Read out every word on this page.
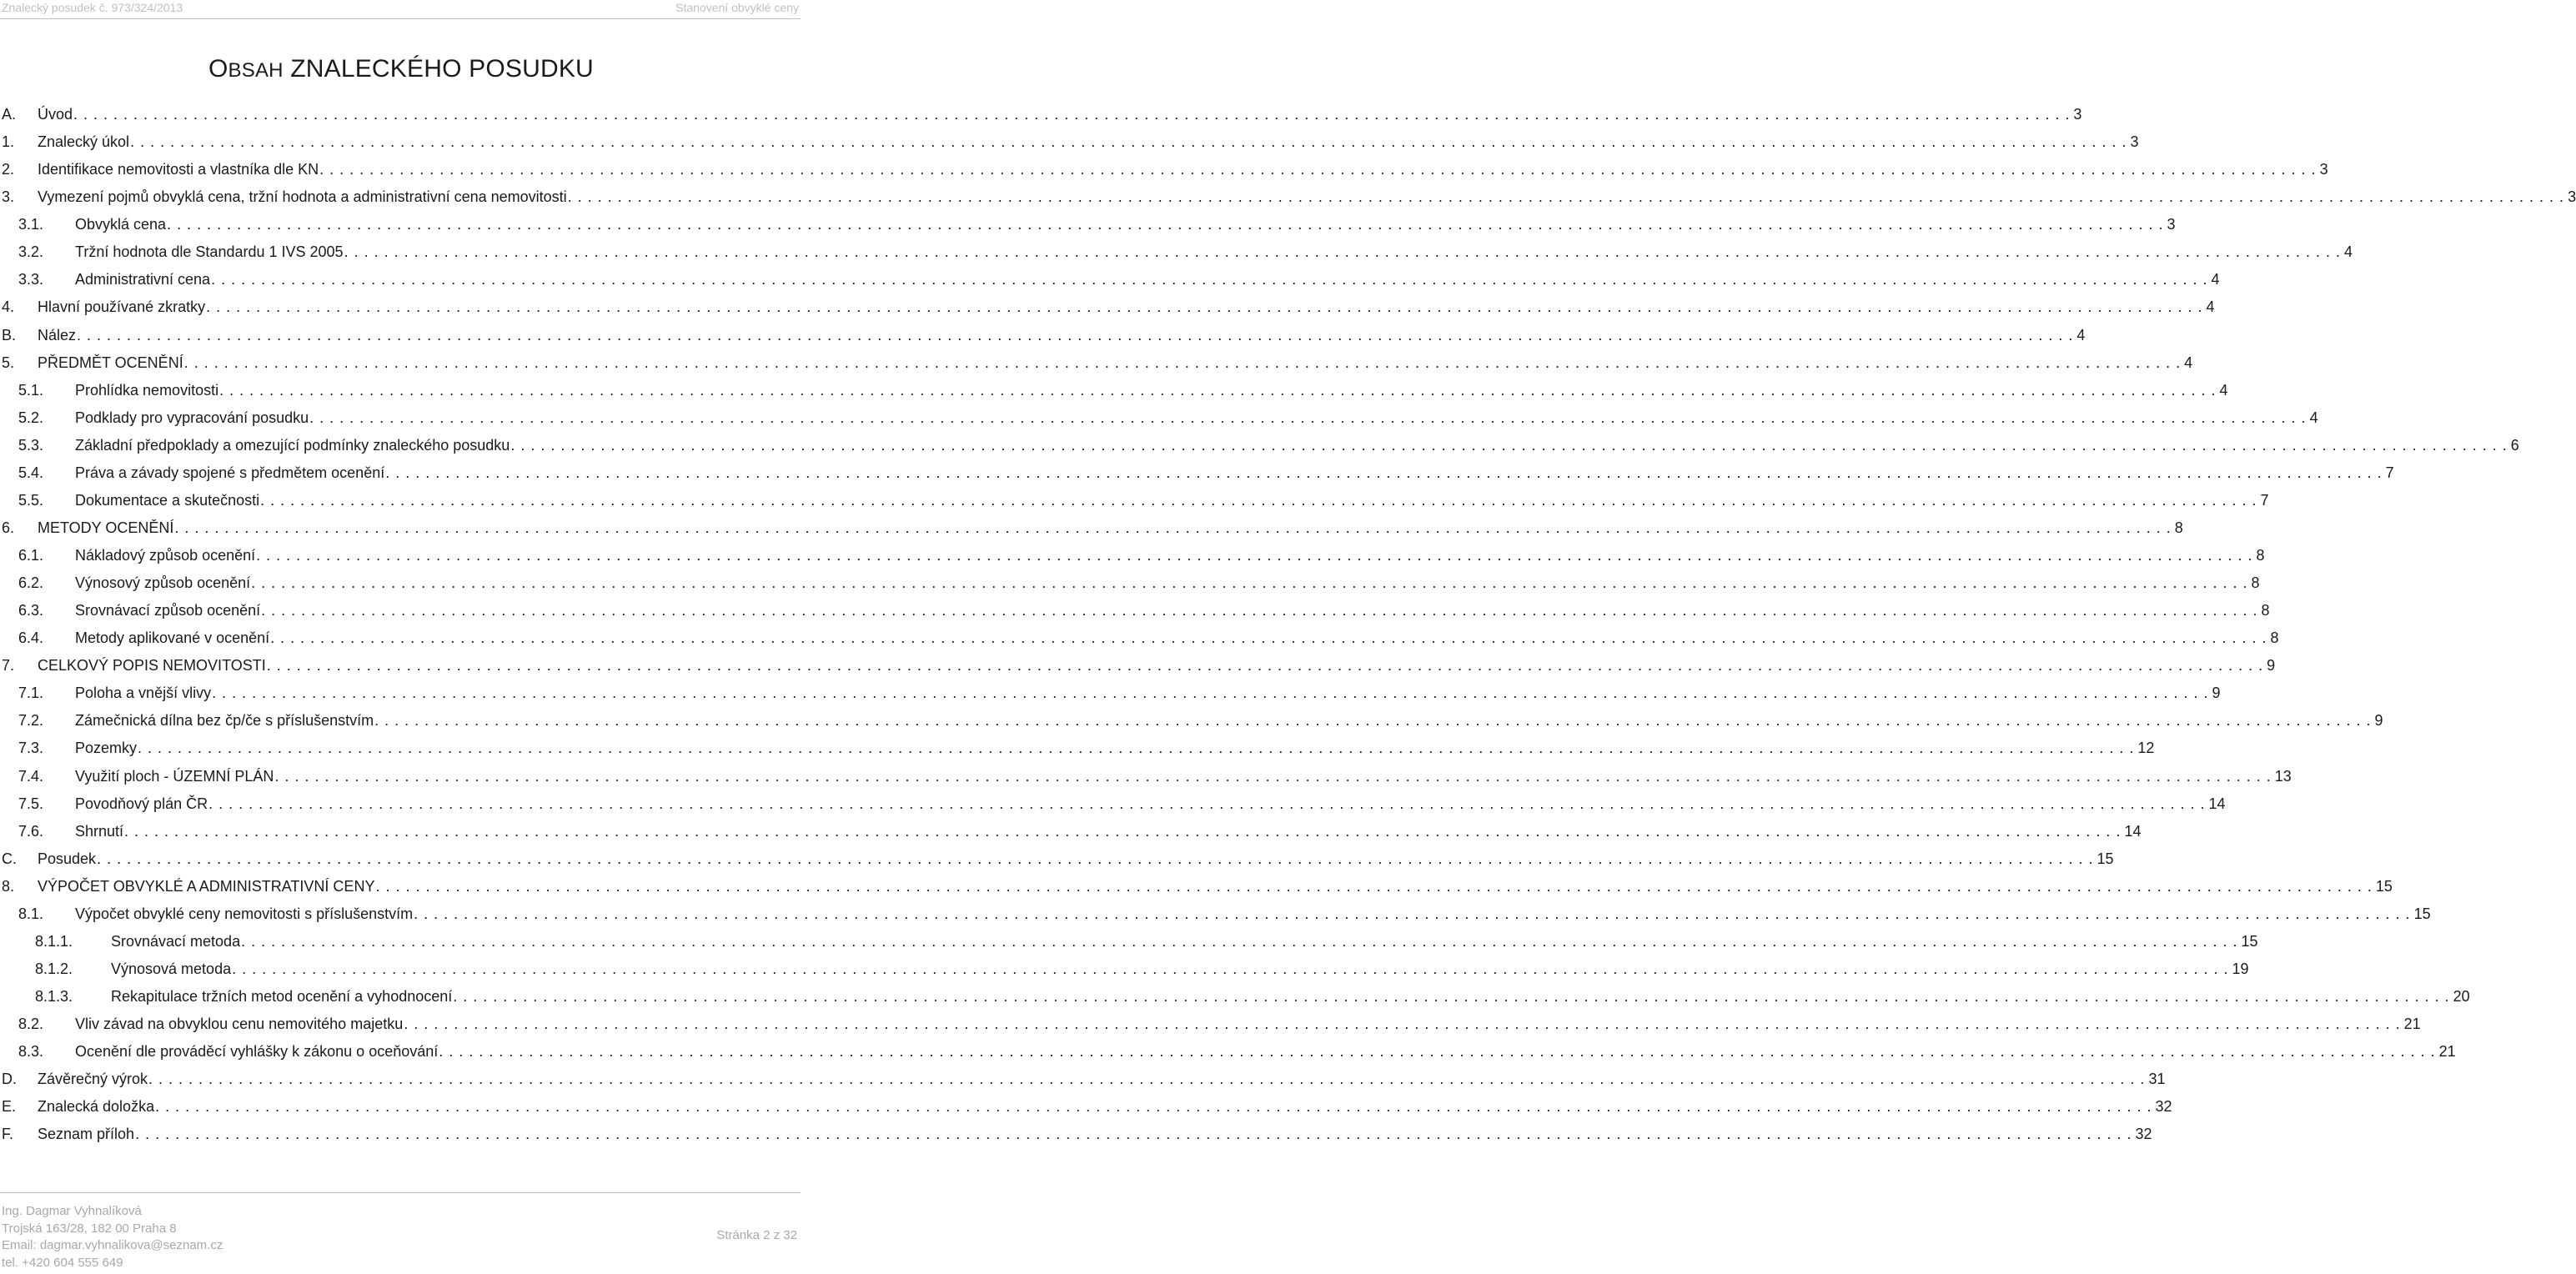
Znalecký posudek č. 973/324/2013	Stanovení obvyklé ceny
OBSAH ZNALECKÉHO POSUDKU
A. Úvod . . . . . . . . . . . . . . . . . . . . . . . . . . . . . . . . . . . . . . . . . . . . . . . . . . . . . . . . . . . . . . . . . . . . . . . . . . . . . . . . . . . . . . . . . . . . . . . . . . . . . . . . . . . . . . . . . . . . . . . . . . . . . . . . . . . . . . . . . . . . . . . . . . . . . . . . . . . . . . . . . . . . . . . . . . . . . . . . . . . . . . . . . . . . . . . . . . . . . . . . 3
1. Znalecký úkol . . . . . . . . . . . . . . . . . . . . . . . . . . . . . . . . . . . . . . . . . . . . . . . . . . . . . . . . . . . . . . . . . . . . . . . . . . . . . . . . . . . . . . . . . . . . . . . . . . . . . . . . . . . . . . . . . . . . . . . . . . . . . . . . . . . . . . . . . . . . . . . . . . . . . . . . . . . . . . . . . . . . . . . . . . . . . . . . . . . . . . . . . . . . . . . . . . . . . . . . 3
2. Identifikace nemovitosti a vlastníka dle KN . . . . . . . . . . . . . . . . . . . . . . . . . . . . . . . . . . . . . . . . . . . . . . . . . . . . . . . . . . . . . . . . . . . . . . . . . . . . . . . . . . . . . . . . . . . . . . . . . . . . . . . . . . . . . . . . . . . . . . . . . . . . . . . . . . . . . . . . . . . . . . . . . . . . . . . . . . . . . . . . . . . . . . . . . . . . . . . . . . . . . . . . . . . . . . . . . . . . . . . . 3
3. Vymezení pojmů obvyklá cena, tržní hodnota a administrativní cena nemovitosti . . . . . . . . . . . . . . . . . . . . . . . . . . . . . . . . . . . . . . . . . . . . . . . . . . . . . . . . . . . . . . . . . . . . . . . . . . . . . . . . . . . . . . . . . . . . . . . . . . . . . . . . . . . . . . . . . . . . . . . . . . . . . . . . . . . . . . . . . . . . . . . . . . . . . . . . . . . . . . . . . . . . . . . . . . . . . . . . . . . . . . . . . . . . . . . . . . . . . . . . 3
3.1. Obvyklá cena . . . . . . . . . . . . . . . . . . . . . . . . . . . . . . . . . . . . . . . . . . . . . . . . . . . . . . . . . . . . . . . . . . . . . . . . . . . . . . . . . . . . . . . . . . . . . . . . . . . . . . . . . . . . . . . . . . . . . . . . . . . . . . . . . . . . . . . . . . . . . . . . . . . . . . . . . . . . . . . . . . . . . . . . . . . . . . . . . . . . . . . . . . . . . . . . . . . . . . . . 3
3.2. Tržní hodnota dle Standardu 1 IVS 2005 . . . . . . . . . . . . . . . . . . . . . . . . . . . . . . . . . . . . . . . . . . . . . . . . . . . . . . . . . . . . . . . . . . . . . . . . . . . . . . . . . . . . . . . . . . . . . . . . . . . . . . . . . . . . . . . . . . . . . . . . . . . . . . . . . . . . . . . . . . . . . . . . . . . . . . . . . . . . . . . . . . . . . . . . . . . . . . . . . . . . . . . . . . . . . . . . . . . . . . . . 4
3.3. Administrativní cena . . . . . . . . . . . . . . . . . . . . . . . . . . . . . . . . . . . . . . . . . . . . . . . . . . . . . . . . . . . . . . . . . . . . . . . . . . . . . . . . . . . . . . . . . . . . . . . . . . . . . . . . . . . . . . . . . . . . . . . . . . . . . . . . . . . . . . . . . . . . . . . . . . . . . . . . . . . . . . . . . . . . . . . . . . . . . . . . . . . . . . . . . . . . . . . . . . . . . . . . 4
4. Hlavní používané zkratky . . . . . . . . . . . . . . . . . . . . . . . . . . . . . . . . . . . . . . . . . . . . . . . . . . . . . . . . . . . . . . . . . . . . . . . . . . . . . . . . . . . . . . . . . . . . . . . . . . . . . . . . . . . . . . . . . . . . . . . . . . . . . . . . . . . . . . . . . . . . . . . . . . . . . . . . . . . . . . . . . . . . . . . . . . . . . . . . . . . . . . . . . . . . . . . . . . . . . . . . 4
B. Nález . . . . . . . . . . . . . . . . . . . . . . . . . . . . . . . . . . . . . . . . . . . . . . . . . . . . . . . . . . . . . . . . . . . . . . . . . . . . . . . . . . . . . . . . . . . . . . . . . . . . . . . . . . . . . . . . . . . . . . . . . . . . . . . . . . . . . . . . . . . . . . . . . . . . . . . . . . . . . . . . . . . . . . . . . . . . . . . . . . . . . . . . . . . . . . . . . . . . . . . . 4
5. PŘEDMĚT OCENĚNÍ . . . . . . . . . . . . . . . . . . . . . . . . . . . . . . . . . . . . . . . . . . . . . . . . . . . . . . . . . . . . . . . . . . . . . . . . . . . . . . . . . . . . . . . . . . . . . . . . . . . . . . . . . . . . . . . . . . . . . . . . . . . . . . . . . . . . . . . . . . . . . . . . . . . . . . . . . . . . . . . . . . . . . . . . . . . . . . . . . . . . . . . . . . . . . . . . . . . . . . . . 4
5.1. Prohlídka nemovitosti . . . . . . . . . . . . . . . . . . . . . . . . . . . . . . . . . . . . . . . . . . . . . . . . . . . . . . . . . . . . . . . . . . . . . . . . . . . . . . . . . . . . . . . . . . . . . . . . . . . . . . . . . . . . . . . . . . . . . . . . . . . . . . . . . . . . . . . . . . . . . . . . . . . . . . . . . . . . . . . . . . . . . . . . . . . . . . . . . . . . . . . . . . . . . . . . . . . . . . . . 4
5.2. Podklady pro vypracování posudku . . . . . . . . . . . . . . . . . . . . . . . . . . . . . . . . . . . . . . . . . . . . . . . . . . . . . . . . . . . . . . . . . . . . . . . . . . . . . . . . . . . . . . . . . . . . . . . . . . . . . . . . . . . . . . . . . . . . . . . . . . . . . . . . . . . . . . . . . . . . . . . . . . . . . . . . . . . . . . . . . . . . . . . . . . . . . . . . . . . . . . . . . . . . . . . . . . . . . . . . 4
5.3. Základní předpoklady a omezující podmínky znaleckého posudku . . . . . . . . . . . . . . . . . . . . . . . . . . . . . . . . . . . . . . . . . . . . . . . . . . . . . . . . . . . . . . . . . . . . . . . . . . . . . . . . . . . . . . . . . . . . . . . . . . . . . . . . . . . . . . . . . . . . . . . . . . . . . . . . . . . . . . . . . . . . . . . . . . . . . . . . . . . . . . . . . . . . . . . . . . . . . . . . . . . . . . . . . . . . . . . . . . . . . . . . 6
5.4. Práva a závady spojené s předmětem ocenění . . . . . . . . . . . . . . . . . . . . . . . . . . . . . . . . . . . . . . . . . . . . . . . . . . . . . . . . . . . . . . . . . . . . . . . . . . . . . . . . . . . . . . . . . . . . . . . . . . . . . . . . . . . . . . . . . . . . . . . . . . . . . . . . . . . . . . . . . . . . . . . . . . . . . . . . . . . . . . . . . . . . . . . . . . . . . . . . . . . . . . . . . . . . . . . . . . . . . . . . 7
5.5. Dokumentace a skutečnosti . . . . . . . . . . . . . . . . . . . . . . . . . . . . . . . . . . . . . . . . . . . . . . . . . . . . . . . . . . . . . . . . . . . . . . . . . . . . . . . . . . . . . . . . . . . . . . . . . . . . . . . . . . . . . . . . . . . . . . . . . . . . . . . . . . . . . . . . . . . . . . . . . . . . . . . . . . . . . . . . . . . . . . . . . . . . . . . . . . . . . . . . . . . . . . . . . . . . . . . . 7
6. METODY OCENĚNÍ . . . . . . . . . . . . . . . . . . . . . . . . . . . . . . . . . . . . . . . . . . . . . . . . . . . . . . . . . . . . . . . . . . . . . . . . . . . . . . . . . . . . . . . . . . . . . . . . . . . . . . . . . . . . . . . . . . . . . . . . . . . . . . . . . . . . . . . . . . . . . . . . . . . . . . . . . . . . . . . . . . . . . . . . . . . . . . . . . . . . . . . . . . . . . . . . . . . . . . . . 8
6.1. Nákladový způsob ocenění . . . . . . . . . . . . . . . . . . . . . . . . . . . . . . . . . . . . . . . . . . . . . . . . . . . . . . . . . . . . . . . . . . . . . . . . . . . . . . . . . . . . . . . . . . . . . . . . . . . . . . . . . . . . . . . . . . . . . . . . . . . . . . . . . . . . . . . . . . . . . . . . . . . . . . . . . . . . . . . . . . . . . . . . . . . . . . . . . . . . . . . . . . . . . . . . . . . . . . . . 8
6.2. Výnosový způsob ocenění . . . . . . . . . . . . . . . . . . . . . . . . . . . . . . . . . . . . . . . . . . . . . . . . . . . . . . . . . . . . . . . . . . . . . . . . . . . . . . . . . . . . . . . . . . . . . . . . . . . . . . . . . . . . . . . . . . . . . . . . . . . . . . . . . . . . . . . . . . . . . . . . . . . . . . . . . . . . . . . . . . . . . . . . . . . . . . . . . . . . . . . . . . . . . . . . . . . . . . . . 8
6.3. Srovnávací způsob ocenění . . . . . . . . . . . . . . . . . . . . . . . . . . . . . . . . . . . . . . . . . . . . . . . . . . . . . . . . . . . . . . . . . . . . . . . . . . . . . . . . . . . . . . . . . . . . . . . . . . . . . . . . . . . . . . . . . . . . . . . . . . . . . . . . . . . . . . . . . . . . . . . . . . . . . . . . . . . . . . . . . . . . . . . . . . . . . . . . . . . . . . . . . . . . . . . . . . . . . . . . 8
6.4. Metody aplikované v ocenění . . . . . . . . . . . . . . . . . . . . . . . . . . . . . . . . . . . . . . . . . . . . . . . . . . . . . . . . . . . . . . . . . . . . . . . . . . . . . . . . . . . . . . . . . . . . . . . . . . . . . . . . . . . . . . . . . . . . . . . . . . . . . . . . . . . . . . . . . . . . . . . . . . . . . . . . . . . . . . . . . . . . . . . . . . . . . . . . . . . . . . . . . . . . . . . . . . . . . . . . 8
7. CELKOVÝ POPIS NEMOVITOSTI . . . . . . . . . . . . . . . . . . . . . . . . . . . . . . . . . . . . . . . . . . . . . . . . . . . . . . . . . . . . . . . . . . . . . . . . . . . . . . . . . . . . . . . . . . . . . . . . . . . . . . . . . . . . . . . . . . . . . . . . . . . . . . . . . . . . . . . . . . . . . . . . . . . . . . . . . . . . . . . . . . . . . . . . . . . . . . . . . . . . . . . . . . . . . . . . . . . . . . . . 9
7.1. Poloha a vnější vlivy . . . . . . . . . . . . . . . . . . . . . . . . . . . . . . . . . . . . . . . . . . . . . . . . . . . . . . . . . . . . . . . . . . . . . . . . . . . . . . . . . . . . . . . . . . . . . . . . . . . . . . . . . . . . . . . . . . . . . . . . . . . . . . . . . . . . . . . . . . . . . . . . . . . . . . . . . . . . . . . . . . . . . . . . . . . . . . . . . . . . . . . . . . . . . . . . . . . . . . . . 9
7.2. Zámečnická dílna bez čp/če s příslušenstvím . . . . . . . . . . . . . . . . . . . . . . . . . . . . . . . . . . . . . . . . . . . . . . . . . . . . . . . . . . . . . . . . . . . . . . . . . . . . . . . . . . . . . . . . . . . . . . . . . . . . . . . . . . . . . . . . . . . . . . . . . . . . . . . . . . . . . . . . . . . . . . . . . . . . . . . . . . . . . . . . . . . . . . . . . . . . . . . . . . . . . . . . . . . . . . . . . . . . . . . . 9
7.3. Pozemky . . . . . . . . . . . . . . . . . . . . . . . . . . . . . . . . . . . . . . . . . . . . . . . . . . . . . . . . . . . . . . . . . . . . . . . . . . . . . . . . . . . . . . . . . . . . . . . . . . . . . . . . . . . . . . . . . . . . . . . . . . . . . . . . . . . . . . . . . . . . . . . . . . . . . . . . . . . . . . . . . . . . . . . . . . . . . . . . . . . . . . . . . . . . . . . . . . . . . . . . 12
7.4. Využití ploch - ÚZEMNÍ PLÁN . . . . . . . . . . . . . . . . . . . . . . . . . . . . . . . . . . . . . . . . . . . . . . . . . . . . . . . . . . . . . . . . . . . . . . . . . . . . . . . . . . . . . . . . . . . . . . . . . . . . . . . . . . . . . . . . . . . . . . . . . . . . . . . . . . . . . . . . . . . . . . . . . . . . . . . . . . . . . . . . . . . . . . . . . . . . . . . . . . . . . . . . . . . . . . . . . . . . . . . . 13
7.5. Povodňový plán ČR . . . . . . . . . . . . . . . . . . . . . . . . . . . . . . . . . . . . . . . . . . . . . . . . . . . . . . . . . . . . . . . . . . . . . . . . . . . . . . . . . . . . . . . . . . . . . . . . . . . . . . . . . . . . . . . . . . . . . . . . . . . . . . . . . . . . . . . . . . . . . . . . . . . . . . . . . . . . . . . . . . . . . . . . . . . . . . . . . . . . . . . . . . . . . . . . . . . . . . . . 14
7.6. Shrnutí . . . . . . . . . . . . . . . . . . . . . . . . . . . . . . . . . . . . . . . . . . . . . . . . . . . . . . . . . . . . . . . . . . . . . . . . . . . . . . . . . . . . . . . . . . . . . . . . . . . . . . . . . . . . . . . . . . . . . . . . . . . . . . . . . . . . . . . . . . . . . . . . . . . . . . . . . . . . . . . . . . . . . . . . . . . . . . . . . . . . . . . . . . . . . . . . . . . . . . . . 14
C. Posudek . . . . . . . . . . . . . . . . . . . . . . . . . . . . . . . . . . . . . . . . . . . . . . . . . . . . . . . . . . . . . . . . . . . . . . . . . . . . . . . . . . . . . . . . . . . . . . . . . . . . . . . . . . . . . . . . . . . . . . . . . . . . . . . . . . . . . . . . . . . . . . . . . . . . . . . . . . . . . . . . . . . . . . . . . . . . . . . . . . . . . . . . . . . . . . . . . . . . . . . . 15
8. VÝPOČET OBVYKLÉ A ADMINISTRATIVNÍ CENY . . . . . . . . . . . . . . . . . . . . . . . . . . . . . . . . . . . . . . . . . . . . . . . . . . . . . . . . . . . . . . . . . . . . . . . . . . . . . . . . . . . . . . . . . . . . . . . . . . . . . . . . . . . . . . . . . . . . . . . . . . . . . . . . . . . . . . . . . . . . . . . . . . . . . . . . . . . . . . . . . . . . . . . . . . . . . . . . . . . . . . . . . . . . . . . . . . . . . . . . 15
8.1. Výpočet obvyklé ceny nemovitosti s příslušenstvím . . . . . . . . . . . . . . . . . . . . . . . . . . . . . . . . . . . . . . . . . . . . . . . . . . . . . . . . . . . . . . . . . . . . . . . . . . . . . . . . . . . . . . . . . . . . . . . . . . . . . . . . . . . . . . . . . . . . . . . . . . . . . . . . . . . . . . . . . . . . . . . . . . . . . . . . . . . . . . . . . . . . . . . . . . . . . . . . . . . . . . . . . . . . . . . . . . . . . . . . 15
8.1.1.	Srovnávací metoda . . . . . . . . . . . . . . . . . . . . . . . . . . . . . . . . . . . . . . . . . . . . . . . . . . . . . . . . . . . . . . . . . . . . . . . . . . . . . . . . . . . . . . . . . . . . . . . . . . . . . . . . . . . . . . . . . . . . . . . . . . . . . . . . . . . . . . . . . . . . . . . . . . . . . . . . . . . . . . . . . . . . . . . . . . . . . . . . . . . . . . . . . . . . . . . . . . . . . . . . 15
8.1.2.	Výnosová metoda . . . . . . . . . . . . . . . . . . . . . . . . . . . . . . . . . . . . . . . . . . . . . . . . . . . . . . . . . . . . . . . . . . . . . . . . . . . . . . . . . . . . . . . . . . . . . . . . . . . . . . . . . . . . . . . . . . . . . . . . . . . . . . . . . . . . . . . . . . . . . . . . . . . . . . . . . . . . . . . . . . . . . . . . . . . . . . . . . . . . . . . . . . . . . . . . . . . . . . . . 19
8.1.3.	Rekapitulace tržních metod ocenění a vyhodnocení . . . . . . . . . . . . . . . . . . . . . . . . . . . . . . . . . . . . . . . . . . . . . . . . . . . . . . . . . . . . . . . . . . . . . . . . . . . . . . . . . . . . . . . . . . . . . . . . . . . . . . . . . . . . . . . . . . . . . . . . . . . . . . . . . . . . . . . . . . . . . . . . . . . . . . . . . . . . . . . . . . . . . . . . . . . . . . . . . . . . . . . . . . . . . . . . . . . . . . . . 20
8.2. Vliv závad na obvyklou cenu nemovitého majetku . . . . . . . . . . . . . . . . . . . . . . . . . . . . . . . . . . . . . . . . . . . . . . . . . . . . . . . . . . . . . . . . . . . . . . . . . . . . . . . . . . . . . . . . . . . . . . . . . . . . . . . . . . . . . . . . . . . . . . . . . . . . . . . . . . . . . . . . . . . . . . . . . . . . . . . . . . . . . . . . . . . . . . . . . . . . . . . . . . . . . . . . . . . . . . . . . . . . . . . . 21
8.3. Ocenění dle prováděcí vyhlášky k zákonu o oceňování . . . . . . . . . . . . . . . . . . . . . . . . . . . . . . . . . . . . . . . . . . . . . . . . . . . . . . . . . . . . . . . . . . . . . . . . . . . . . . . . . . . . . . . . . . . . . . . . . . . . . . . . . . . . . . . . . . . . . . . . . . . . . . . . . . . . . . . . . . . . . . . . . . . . . . . . . . . . . . . . . . . . . . . . . . . . . . . . . . . . . . . . . . . . . . . . . . . . . . . . 21
D. Závěrečný výrok . . . . . . . . . . . . . . . . . . . . . . . . . . . . . . . . . . . . . . . . . . . . . . . . . . . . . . . . . . . . . . . . . . . . . . . . . . . . . . . . . . . . . . . . . . . . . . . . . . . . . . . . . . . . . . . . . . . . . . . . . . . . . . . . . . . . . . . . . . . . . . . . . . . . . . . . . . . . . . . . . . . . . . . . . . . . . . . . . . . . . . . . . . . . . . . . . . . . . . . . 31
E. Znalecká doložka . . . . . . . . . . . . . . . . . . . . . . . . . . . . . . . . . . . . . . . . . . . . . . . . . . . . . . . . . . . . . . . . . . . . . . . . . . . . . . . . . . . . . . . . . . . . . . . . . . . . . . . . . . . . . . . . . . . . . . . . . . . . . . . . . . . . . . . . . . . . . . . . . . . . . . . . . . . . . . . . . . . . . . . . . . . . . . . . . . . . . . . . . . . . . . . . . . . . . . . . 32
F. Seznam příloh . . . . . . . . . . . . . . . . . . . . . . . . . . . . . . . . . . . . . . . . . . . . . . . . . . . . . . . . . . . . . . . . . . . . . . . . . . . . . . . . . . . . . . . . . . . . . . . . . . . . . . . . . . . . . . . . . . . . . . . . . . . . . . . . . . . . . . . . . . . . . . . . . . . . . . . . . . . . . . . . . . . . . . . . . . . . . . . . . . . . . . . . . . . . . . . . . . . . . . . . 32
Ing. Dagmar Vyhnalíková
Trojská 163/28, 182 00 Praha 8
Email: dagmar.vyhnalikova@seznam.cz
tel. +420 604 555 649
Stránka 2 z 32
